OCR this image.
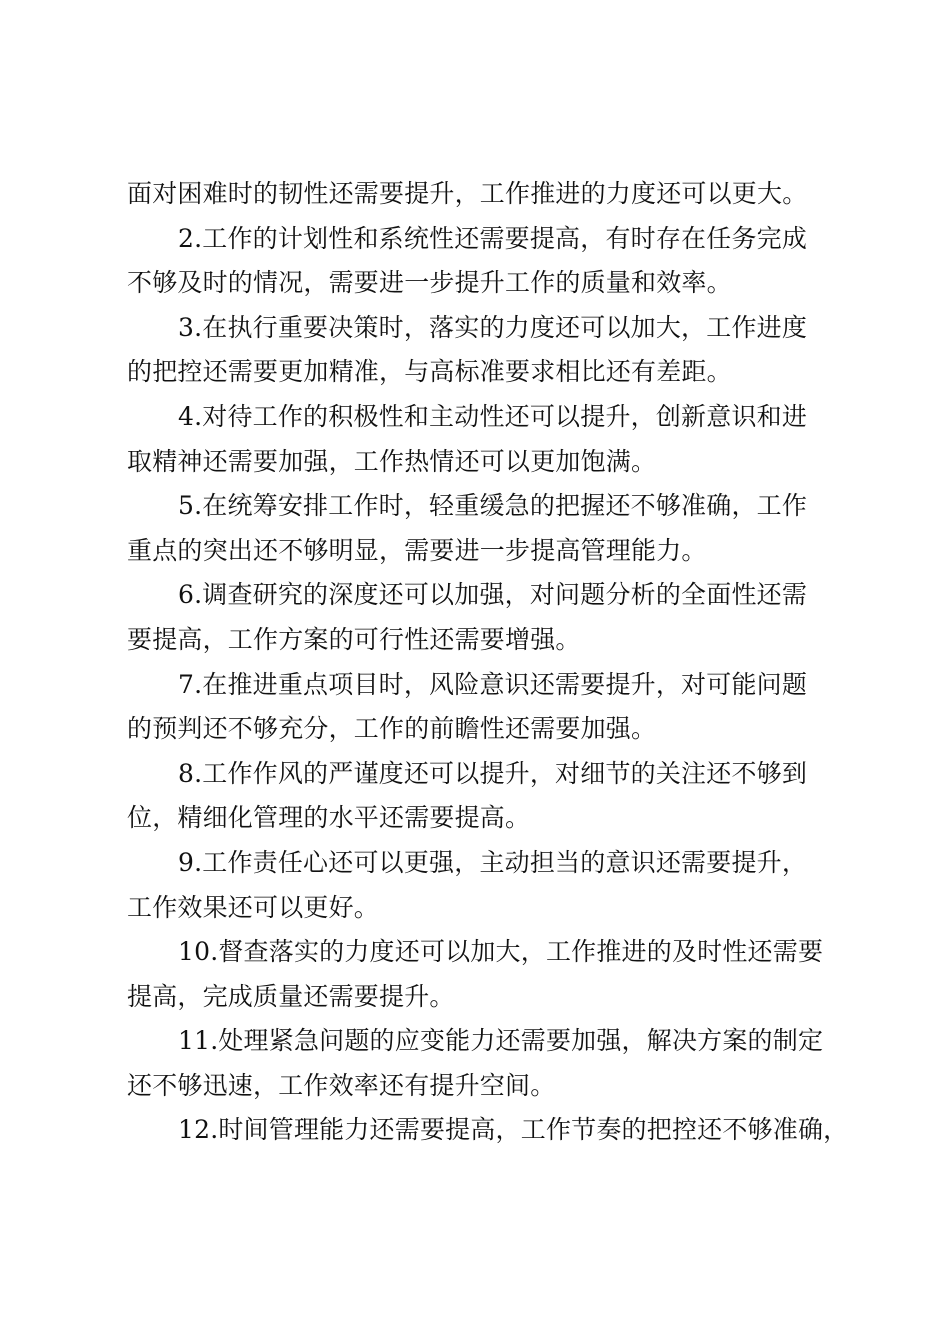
面对困难时的韧性还需要提升，工作推进的力度还可以更大。
2.工作的计划性和系统性还需要提高，有时存在任务完成
不够及时的情况，需要进一步提升工作的质量和效率。
3.在执行重要决策时，落实的力度还可以加大，工作进度
的把控还需要更加精准，与高标准要求相比还有差距。
4.对待工作的积极性和主动性还可以提升，创新意识和进
取精神还需要加强，工作热情还可以更加饱满。
5.在统筹安排工作时，轻重缓急的把握还不够准确，工作
重点的突出还不够明显，需要进一步提高管理能力。
6.调查研究的深度还可以加强，对问题分析的全面性还需
要提高，工作方案的可行性还需要增强。
7.在推进重点项目时，风险意识还需要提升，对可能问题
的预判还不够充分，工作的前瞻性还需要加强。
8.工作作风的严谨度还可以提升，对细节的关注还不够到
位，精细化管理的水平还需要提高。
9.工作责任心还可以更强，主动担当的意识还需要提升，
工作效果还可以更好。
10.督查落实的力度还可以加大，工作推进的及时性还需要
提高，完成质量还需要提升。
11.处理紧急问题的应变能力还需要加强，解决方案的制定
还不够迅速，工作效率还有提升空间。
12.时间管理能力还需要提高，工作节奏的把控还不够准确，
